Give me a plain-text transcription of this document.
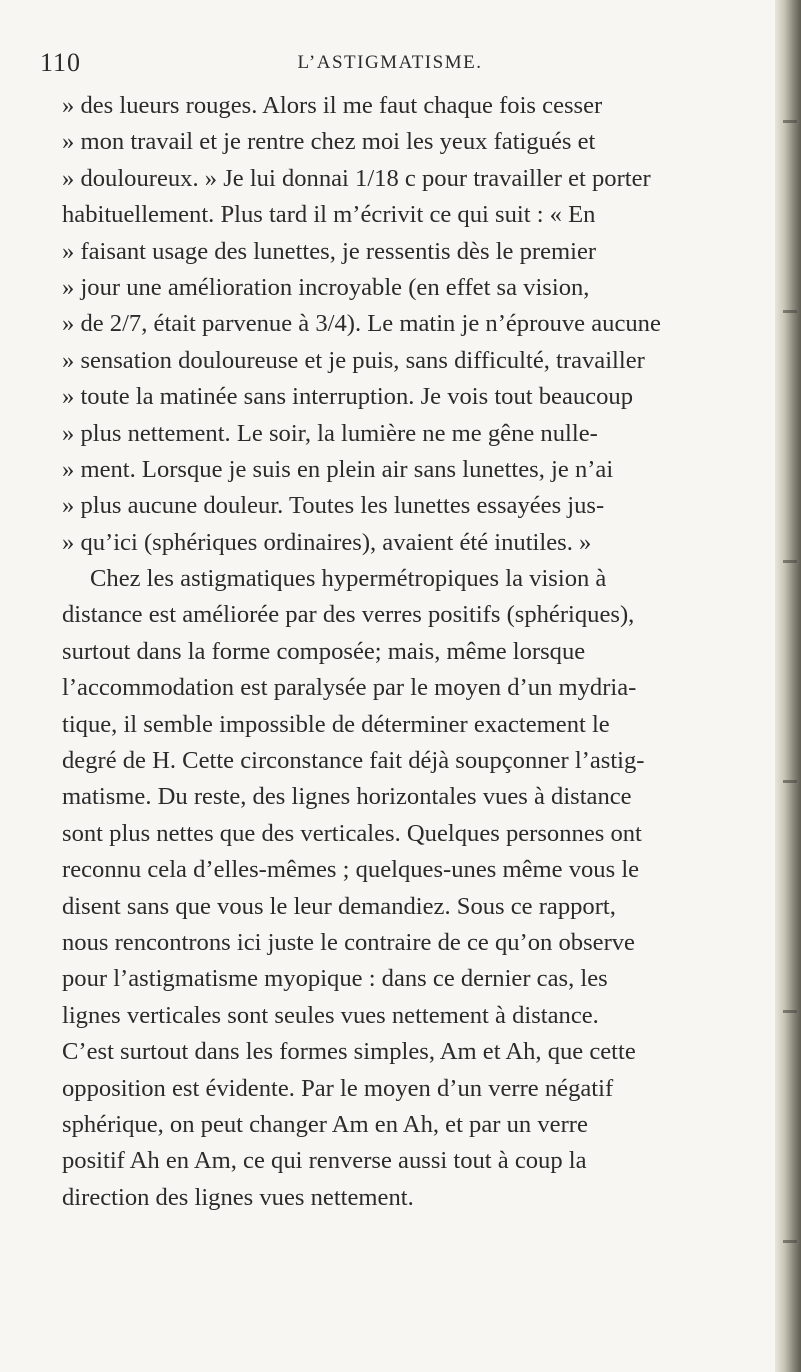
110	L’ASTIGMATISME.
» des lueurs rouges. Alors il me faut chaque fois cesser
» mon travail et je rentre chez moi les yeux fatigués et
» douloureux. » Je lui donnai 1/18 c pour travailler et porter
habituellement. Plus tard il m’écrivit ce qui suit : « En
» faisant usage des lunettes, je ressentis dès le premier
» jour une amélioration incroyable (en effet sa vision,
» de 2/7, était parvenue à 3/4). Le matin je n’éprouve aucune
» sensation douloureuse et je puis, sans difficulté, travailler
» toute la matinée sans interruption. Je vois tout beaucoup
» plus nettement. Le soir, la lumière ne me gêne nulle-
» ment. Lorsque je suis en plein air sans lunettes, je n’ai
» plus aucune douleur. Toutes les lunettes essayées jus-
» qu’ici (sphériques ordinaires), avaient été inutiles. »
Chez les astigmatiques hypermétropiques la vision à
distance est améliorée par des verres positifs (sphériques),
surtout dans la forme composée; mais, même lorsque
l’accommodation est paralysée par le moyen d’un mydria-
tique, il semble impossible de déterminer exactement le
degré de H. Cette circonstance fait déjà soupçonner l’astig-
matisme. Du reste, des lignes horizontales vues à distance
sont plus nettes que des verticales. Quelques personnes ont
reconnu cela d’elles-mêmes ; quelques-unes même vous le
disent sans que vous le leur demandiez. Sous ce rapport,
nous rencontrons ici juste le contraire de ce qu’on observe
pour l’astigmatisme myopique : dans ce dernier cas, les
lignes verticales sont seules vues nettement à distance.
C’est surtout dans les formes simples, Am et Ah, que cette
opposition est évidente. Par le moyen d’un verre négatif
sphérique, on peut changer Am en Ah, et par un verre
positif Ah en Am, ce qui renverse aussi tout à coup la
direction des lignes vues nettement.
